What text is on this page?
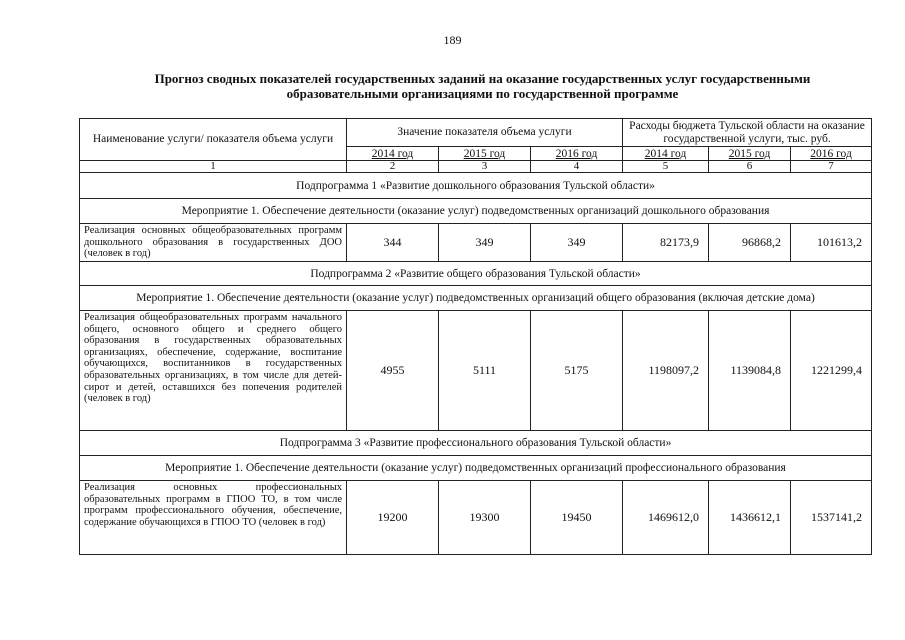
189
Прогноз сводных показателей государственных заданий на оказание государственных услуг государственными
образовательными организациями по государственной программе
Наименование услуги/ показателя объема услуги	Значение показателя объема услуги			Расходы бюджета Тульской области на оказание государственной услуги, тыс. руб.		
	2014 год	2015 год	2016 год	2014 год	2015 год	2016 год
1	2	3	4	5	6	7
Подпрограмма 1 «Развитие дошкольного образования Тульской области»						
Мероприятие 1. Обеспечение деятельности (оказание услуг) подведомственных организаций дошкольного образования						
Реализация основных общеобразовательных программ дошкольного образования в государственных ДОО (человек в год)	344	349	349	82173,9	96868,2	101613,2
Подпрограмма 2 «Развитие общего образования Тульской области»						
Мероприятие 1. Обеспечение деятельности (оказание услуг) подведомственных организаций общего образования (включая детские дома)						
Реализация общеобразовательных программ начального общего, основного общего и среднего общего образования в государственных образовательных организациях, обеспечение, содержание, воспитание обучающихся, воспитанников в государственных образовательных организациях, в том числе для детей-сирот и детей, оставшихся без попечения родителей (человек в год)	4955	5111	5175	1198097,2	1139084,8	1221299,4
Подпрограмма 3 «Развитие профессионального образования Тульской области»						
Мероприятие 1. Обеспечение деятельности (оказание услуг) подведомственных организаций профессионального образования						
Реализация основных профессиональных образовательных программ в ГПОО ТО, в том числе программ профессионального обучения, обеспечение, содержание обучающихся в ГПОО ТО (человек в год)	19200	19300	19450	1469612,0	1436612,1	1537141,2
